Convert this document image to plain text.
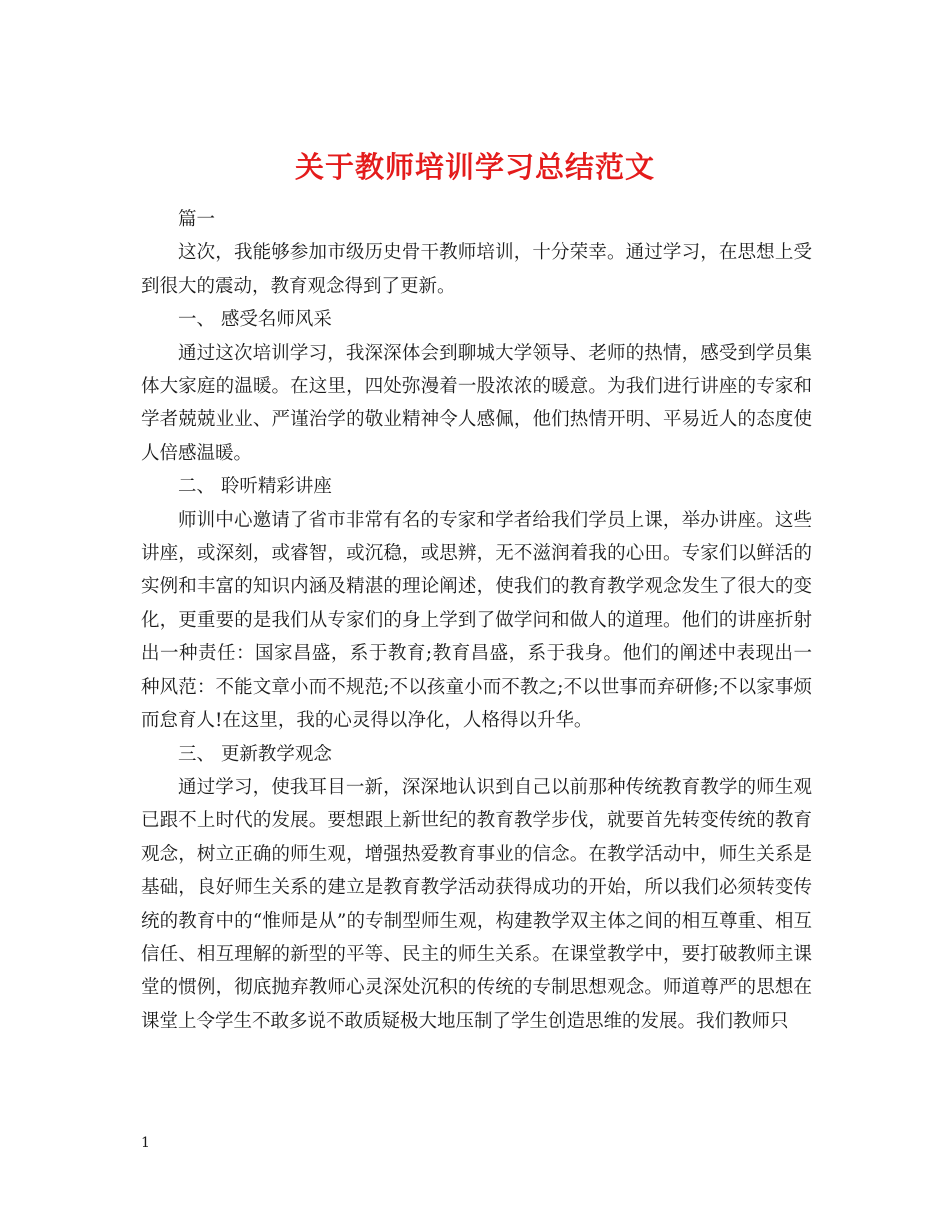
关于教师培训学习总结范文

篇一

这次，我能够参加市级历史骨干教师培训，十分荣幸。通过学习，在思想上受到很大的震动，教育观念得到了更新。

一、 感受名师风采

通过这次培训学习，我深深体会到聊城大学领导、老师的热情，感受到学员集体大家庭的温暖。在这里，四处弥漫着一股浓浓的暖意。为我们进行讲座的专家和学者兢兢业业、严谨治学的敬业精神令人感佩，他们热情开明、平易近人的态度使人倍感温暖。

二、 聆听精彩讲座

师训中心邀请了省市非常有名的专家和学者给我们学员上课，举办讲座。这些讲座，或深刻，或睿智，或沉稳，或思辨，无不滋润着我的心田。专家们以鲜活的实例和丰富的知识内涵及精湛的理论阐述，使我们的教育教学观念发生了很大的变化，更重要的是我们从专家们的身上学到了做学问和做人的道理。他们的讲座折射出一种责任：国家昌盛，系于教育;教育昌盛，系于我身。他们的阐述中表现出一种风范：不能文章小而不规范;不以孩童小而不教之;不以世事而弃研修;不以家事烦而怠育人!在这里，我的心灵得以净化，人格得以升华。

三、 更新教学观念

通过学习，使我耳目一新，深深地认识到自己以前那种传统教育教学的师生观已跟不上时代的发展。要想跟上新世纪的教育教学步伐，就要首先转变传统的教育观念，树立正确的师生观，增强热爱教育事业的信念。在教学活动中，师生关系是基础，良好师生关系的建立是教育教学活动获得成功的开始，所以我们必须转变传统的教育中的“惟师是从”的专制型师生观，构建教学双主体之间的相互尊重、相互信任、相互理解的新型的平等、民主的师生关系。在课堂教学中，要打破教师主课堂的惯例，彻底抛弃教师心灵深处沉积的传统的专制思想观念。师道尊严的思想在课堂上令学生不敢多说不敢质疑极大地压制了学生创造思维的发展。我们教师只

1
